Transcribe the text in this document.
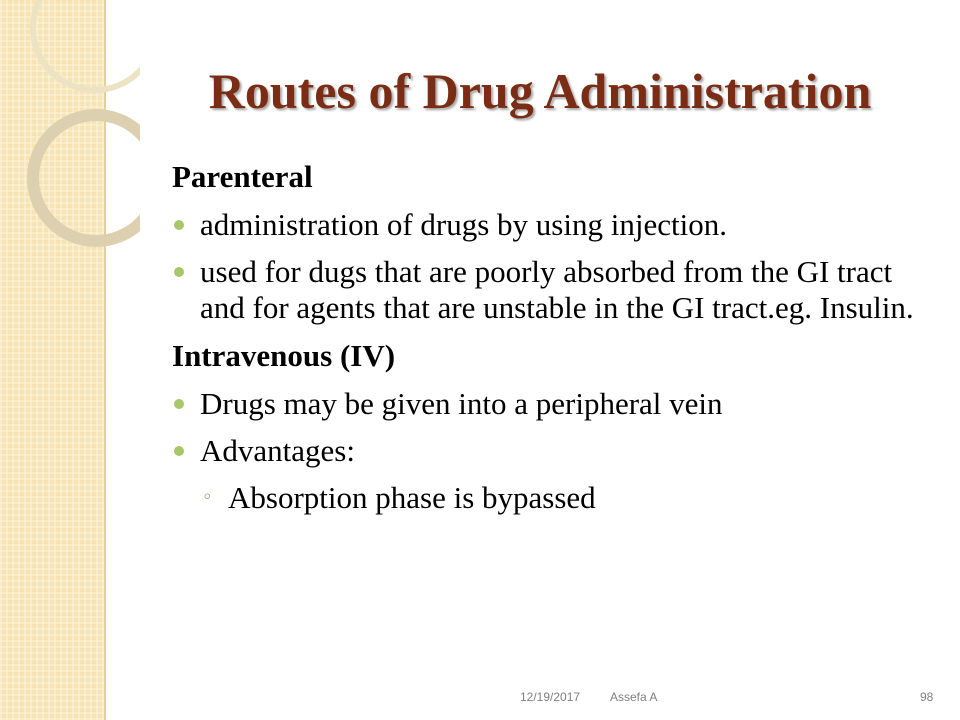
Routes of Drug Administration
Parenteral
administration of drugs by using injection.
used for dugs that are poorly absorbed from the GI tract and for agents that are unstable in the GI tract.eg. Insulin.
Intravenous (IV)
Drugs may be given into a peripheral vein
Advantages:
◦ Absorption phase is bypassed
12/19/2017 Assefa A	98
